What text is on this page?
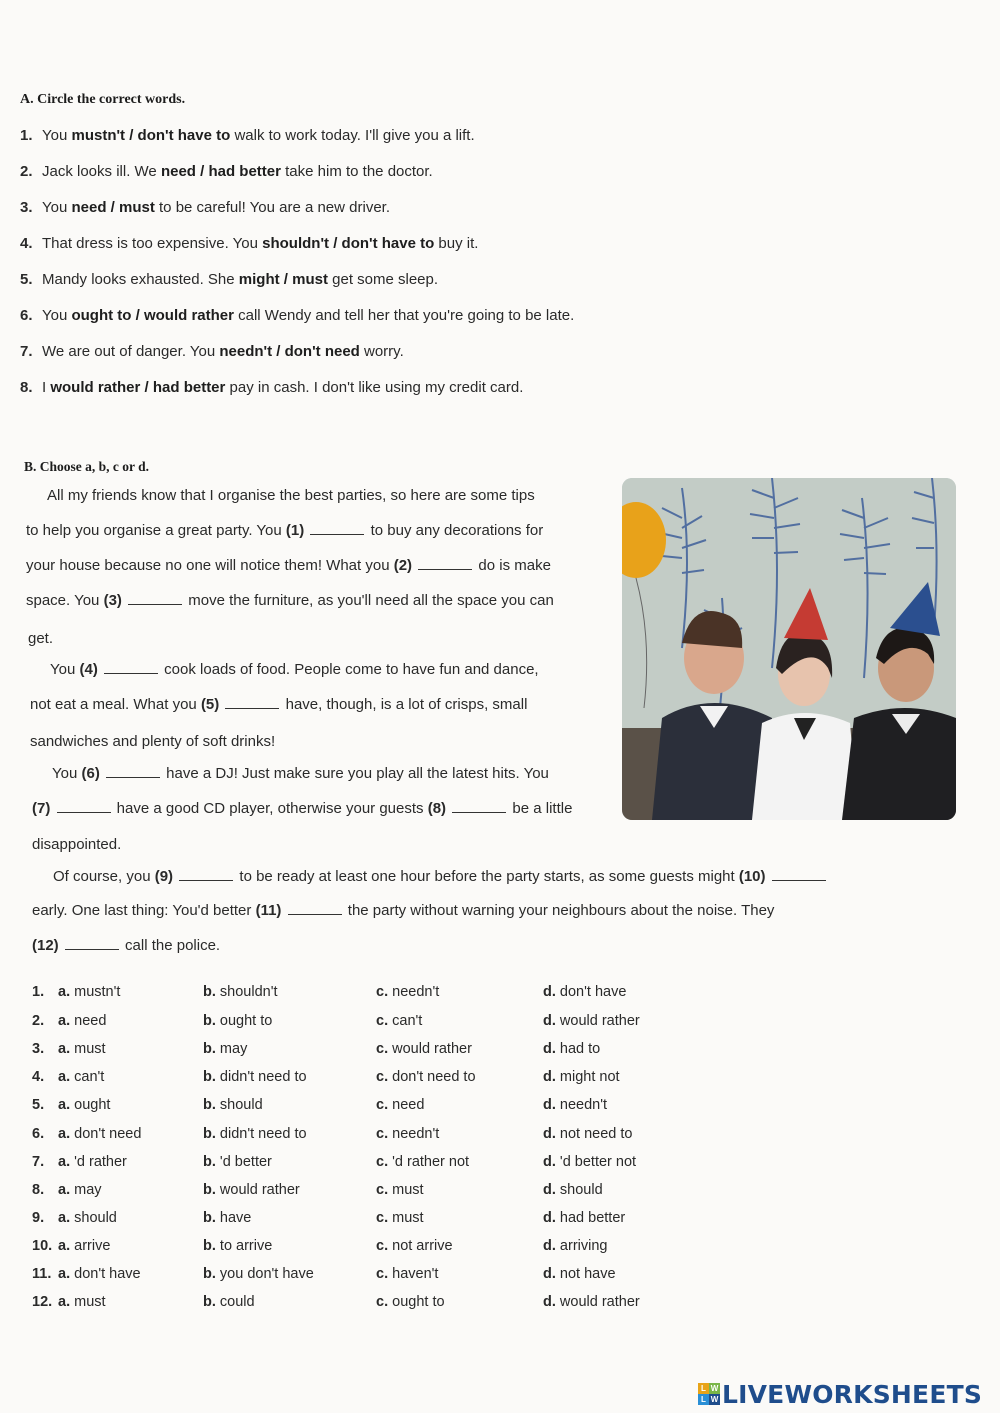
A. Circle the correct words.
1. You mustn't / don't have to walk to work today. I'll give you a lift.
2. Jack looks ill. We need / had better take him to the doctor.
3. You need / must to be careful! You are a new driver.
4. That dress is too expensive. You shouldn't / don't have to buy it.
5. Mandy looks exhausted. She might / must get some sleep.
6. You ought to / would rather call Wendy and tell her that you're going to be late.
7. We are out of danger. You needn't / don't need worry.
8. I would rather / had better pay in cash. I don't like using my credit card.
B. Choose a, b, c or d.
All my friends know that I organise the best parties, so here are some tips
to help you organise a great party. You (1)	to buy any decorations for
your house because no one will notice them! What you (2)	do is make
space. You (3)	move the furniture, as you'll need all the space you can
get.
You (4)	cook loads of food. People come to have fun and dance,
not eat a meal. What you (5)	have, though, is a lot of crisps, small
sandwiches and plenty of soft drinks!
You (6)	have a DJ! Just make sure you play all the latest hits. You
(7)	have a good CD player, otherwise your guests (8)	be a little
disappointed.
Of course, you (9)	to be ready at least one hour before the party starts, as some guests might (10)
early. One last thing: You'd better (11)	the party without warning your neighbours about the noise. They
(12)	call the police.
1. a. mustn't	b. shouldn't	c. needn't	d. don't have
2. a. need	b. ought to	c. can't	d. would rather
3. a. must	b. may	c. would rather	d. had to
4. a. can't	b. didn't need to	c. don't need to	d. might not
5. a. ought	b. should	c. need	d. needn't
6. a. don't need	b. didn't need to	c. needn't	d. not need to
7. a. 'd rather	b. 'd better	c. 'd rather not	d. 'd better not
8. a. may	b. would rather	c. must	d. should
9. a. should	b. have	c. must	d. had better
10. a. arrive	b. to arrive	c. not arrive	d. arriving
11. a. don't have	b. you don't have	c. haven't	d. not have
12. a. must	b. could	c. ought to	d. would rather
L W
L W LIVEWORKSHEETS
